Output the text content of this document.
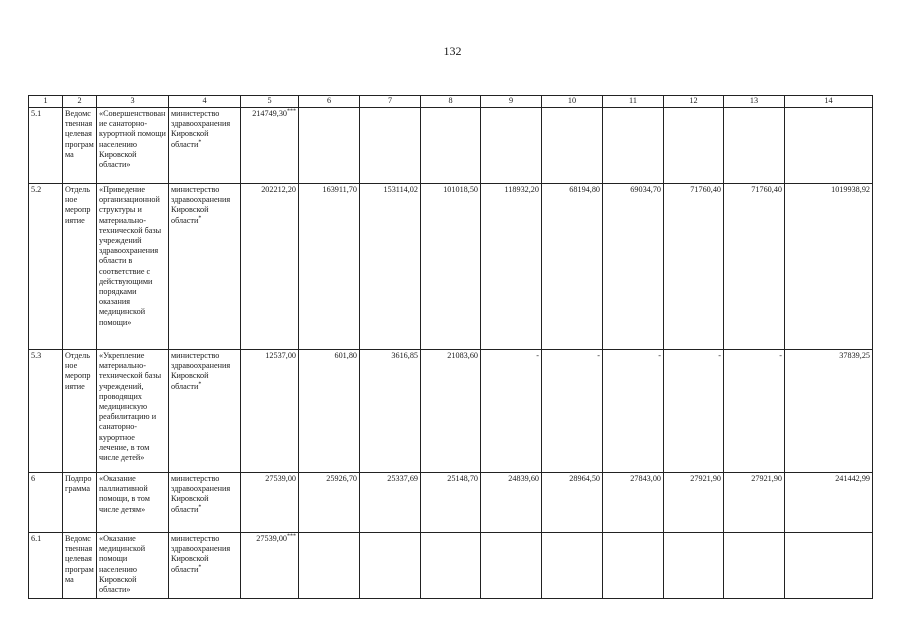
132
1	2	3	4	5	6	7	8	9	10	11	12	13	14
5.1	Ведомственная целевая программа	«Совершенствование санаторно-курортной помощи населению Кировской области»	министерство здравоохранения Кировской области*	214749,30***									
5.2	Отдельное мероприятие	«Приведение организационной структуры и материально-технической базы учреждений здравоохранения области в соответствие с действующими порядками оказания медицинской помощи»	министерство здравоохранения Кировской области*	202212,20	163911,70	153114,02	101018,50	118932,20	68194,80	69034,70	71760,40	71760,40	1019938,92
5.3	Отдельное мероприятие	«Укрепление материально-технической базы учреждений, проводящих медицинскую реабилитацию и санаторно-курортное лечение, в том числе детей»	министерство здравоохранения Кировской области*	12537,00	601,80	3616,85	21083,60	-	-	-	-	-	37839,25
6	Подпрограмма	«Оказание паллиативной помощи, в том числе детям»	министерство здравоохранения Кировской области*	27539,00	25926,70	25337,69	25148,70	24839,60	28964,50	27843,00	27921,90	27921,90	241442,99
6.1	Ведомственная целевая программа	«Оказание медицинской помощи населению Кировской области»	министерство здравоохранения Кировской области*	27539,00***									
